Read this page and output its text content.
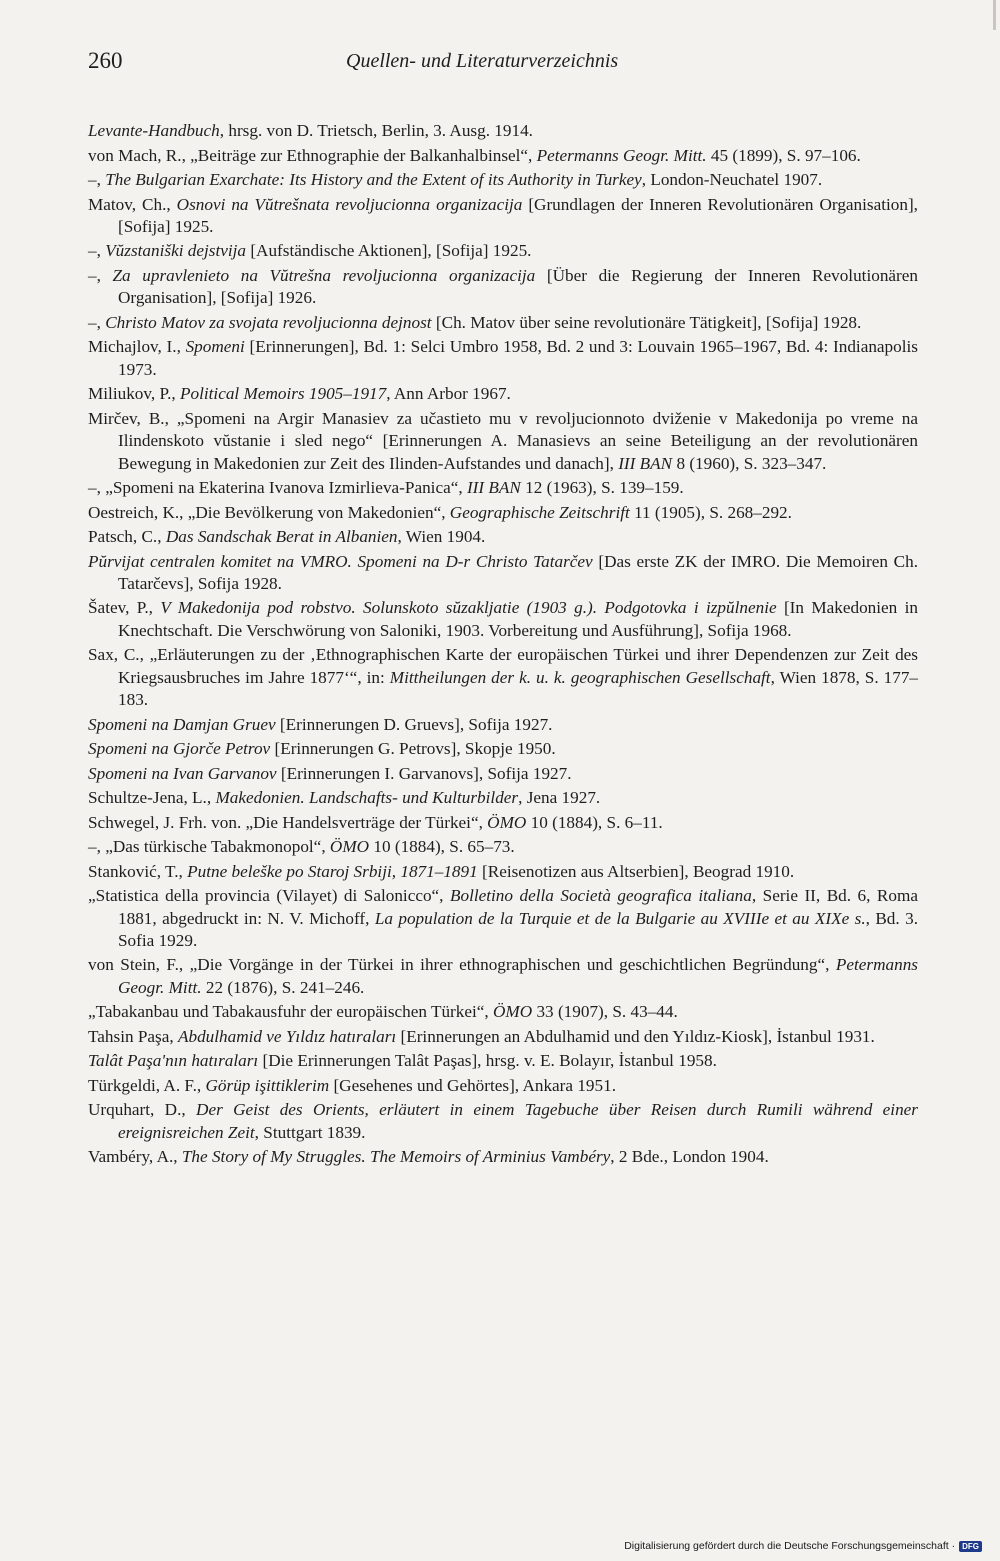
260	Quellen- und Literaturverzeichnis
Levante-Handbuch, hrsg. von D. Trietsch, Berlin, 3. Ausg. 1914.
von Mach, R., „Beiträge zur Ethnographie der Balkanhalbinsel“, Petermanns Geogr. Mitt. 45 (1899), S. 97–106.
–, The Bulgarian Exarchate: Its History and the Extent of its Authority in Turkey, London-Neuchatel 1907.
Matov, Ch., Osnovi na Vŭtrešnata revoljucionna organizacija [Grundlagen der Inneren Revolutionären Organisation], [Sofija] 1925.
–, Vŭzstaniški dejstvija [Aufständische Aktionen], [Sofija] 1925.
–, Za upravlenieto na Vŭtrešna revoljucionna organizacija [Über die Regierung der Inneren Revolutionären Organisation], [Sofija] 1926.
–, Christo Matov za svojata revoljucionna dejnost [Ch. Matov über seine revolutionäre Tätigkeit], [Sofija] 1928.
Michajlov, I., Spomeni [Erinnerungen], Bd. 1: Selci Umbro 1958, Bd. 2 und 3: Louvain 1965–1967, Bd. 4: Indianapolis 1973.
Miliukov, P., Political Memoirs 1905–1917, Ann Arbor 1967.
Mirčev, B., „Spomeni na Argir Manasiev za učastieto mu v revoljucionnoto dviženie v Makedonija po vreme na Ilindenskoto vŭstanie i sled nego“ [Erinnerungen A. Manasievs an seine Beteiligung an der revolutionären Bewegung in Makedonien zur Zeit des Ilinden-Aufstandes und danach], III BAN 8 (1960), S. 323–347.
–, „Spomeni na Ekaterina Ivanova Izmirlieva-Panica“, III BAN 12 (1963), S. 139–159.
Oestreich, K., „Die Bevölkerung von Makedonien“, Geographische Zeitschrift 11 (1905), S. 268–292.
Patsch, C., Das Sandschak Berat in Albanien, Wien 1904.
Pŭrvijat centralen komitet na VMRO. Spomeni na D-r Christo Tatarčev [Das erste ZK der IMRO. Die Memoiren Ch. Tatarčevs], Sofija 1928.
Šatev, P., V Makedonija pod robstvo. Solunskoto sŭzakljatie (1903 g.). Podgotovka i izpŭlnenie [In Makedonien in Knechtschaft. Die Verschwörung von Saloniki, 1903. Vorbereitung und Ausführung], Sofija 1968.
Sax, C., „Erläuterungen zu der ‚Ethnographischen Karte der europäischen Türkei und ihrer Dependenzen zur Zeit des Kriegsausbruches im Jahre 1877‘“, in: Mittheilungen der k. u. k. geographischen Gesellschaft, Wien 1878, S. 177–183.
Spomeni na Damjan Gruev [Erinnerungen D. Gruevs], Sofija 1927.
Spomeni na Gjorče Petrov [Erinnerungen G. Petrovs], Skopje 1950.
Spomeni na Ivan Garvanov [Erinnerungen I. Garvanovs], Sofija 1927.
Schultze-Jena, L., Makedonien. Landschafts- und Kulturbilder, Jena 1927.
Schwegel, J. Frh. von. „Die Handelsverträge der Türkei“, ÖMO 10 (1884), S. 6–11.
–, „Das türkische Tabakmonopol“, ÖMO 10 (1884), S. 65–73.
Stanković, T., Putne beleške po Staroj Srbiji, 1871–1891 [Reisenotizen aus Altserbien], Beograd 1910.
„Statistica della provincia (Vilayet) di Salonicco“, Bolletino della Società geografica italiana, Serie II, Bd. 6, Roma 1881, abgedruckt in: N. V. Michoff, La population de la Turquie et de la Bulgarie au XVIIIe et au XIXe s., Bd. 3. Sofia 1929.
von Stein, F., „Die Vorgänge in der Türkei in ihrer ethnographischen und geschichtlichen Begründung“, Petermanns Geogr. Mitt. 22 (1876), S. 241–246.
„Tabakanbau und Tabakausfuhr der europäischen Türkei“, ÖMO 33 (1907), S. 43–44.
Tahsin Paşa, Abdulhamid ve Yıldız hatıraları [Erinnerungen an Abdulhamid und den Yıldız-Kiosk], İstanbul 1931.
Talât Paşa'nın hatıraları [Die Erinnerungen Talât Paşas], hrsg. v. E. Bolayır, İstanbul 1958.
Türkgeldi, A. F., Görüp işittiklerim [Gesehenes und Gehörtes], Ankara 1951.
Urquhart, D., Der Geist des Orients, erläutert in einem Tagebuche über Reisen durch Rumili während einer ereignisreichen Zeit, Stuttgart 1839.
Vambéry, A., The Story of My Struggles. The Memoirs of Arminius Vambéry, 2 Bde., London 1904.
Digitalisierung gefördert durch die Deutsche Forschungsgemeinschaft · DFG
